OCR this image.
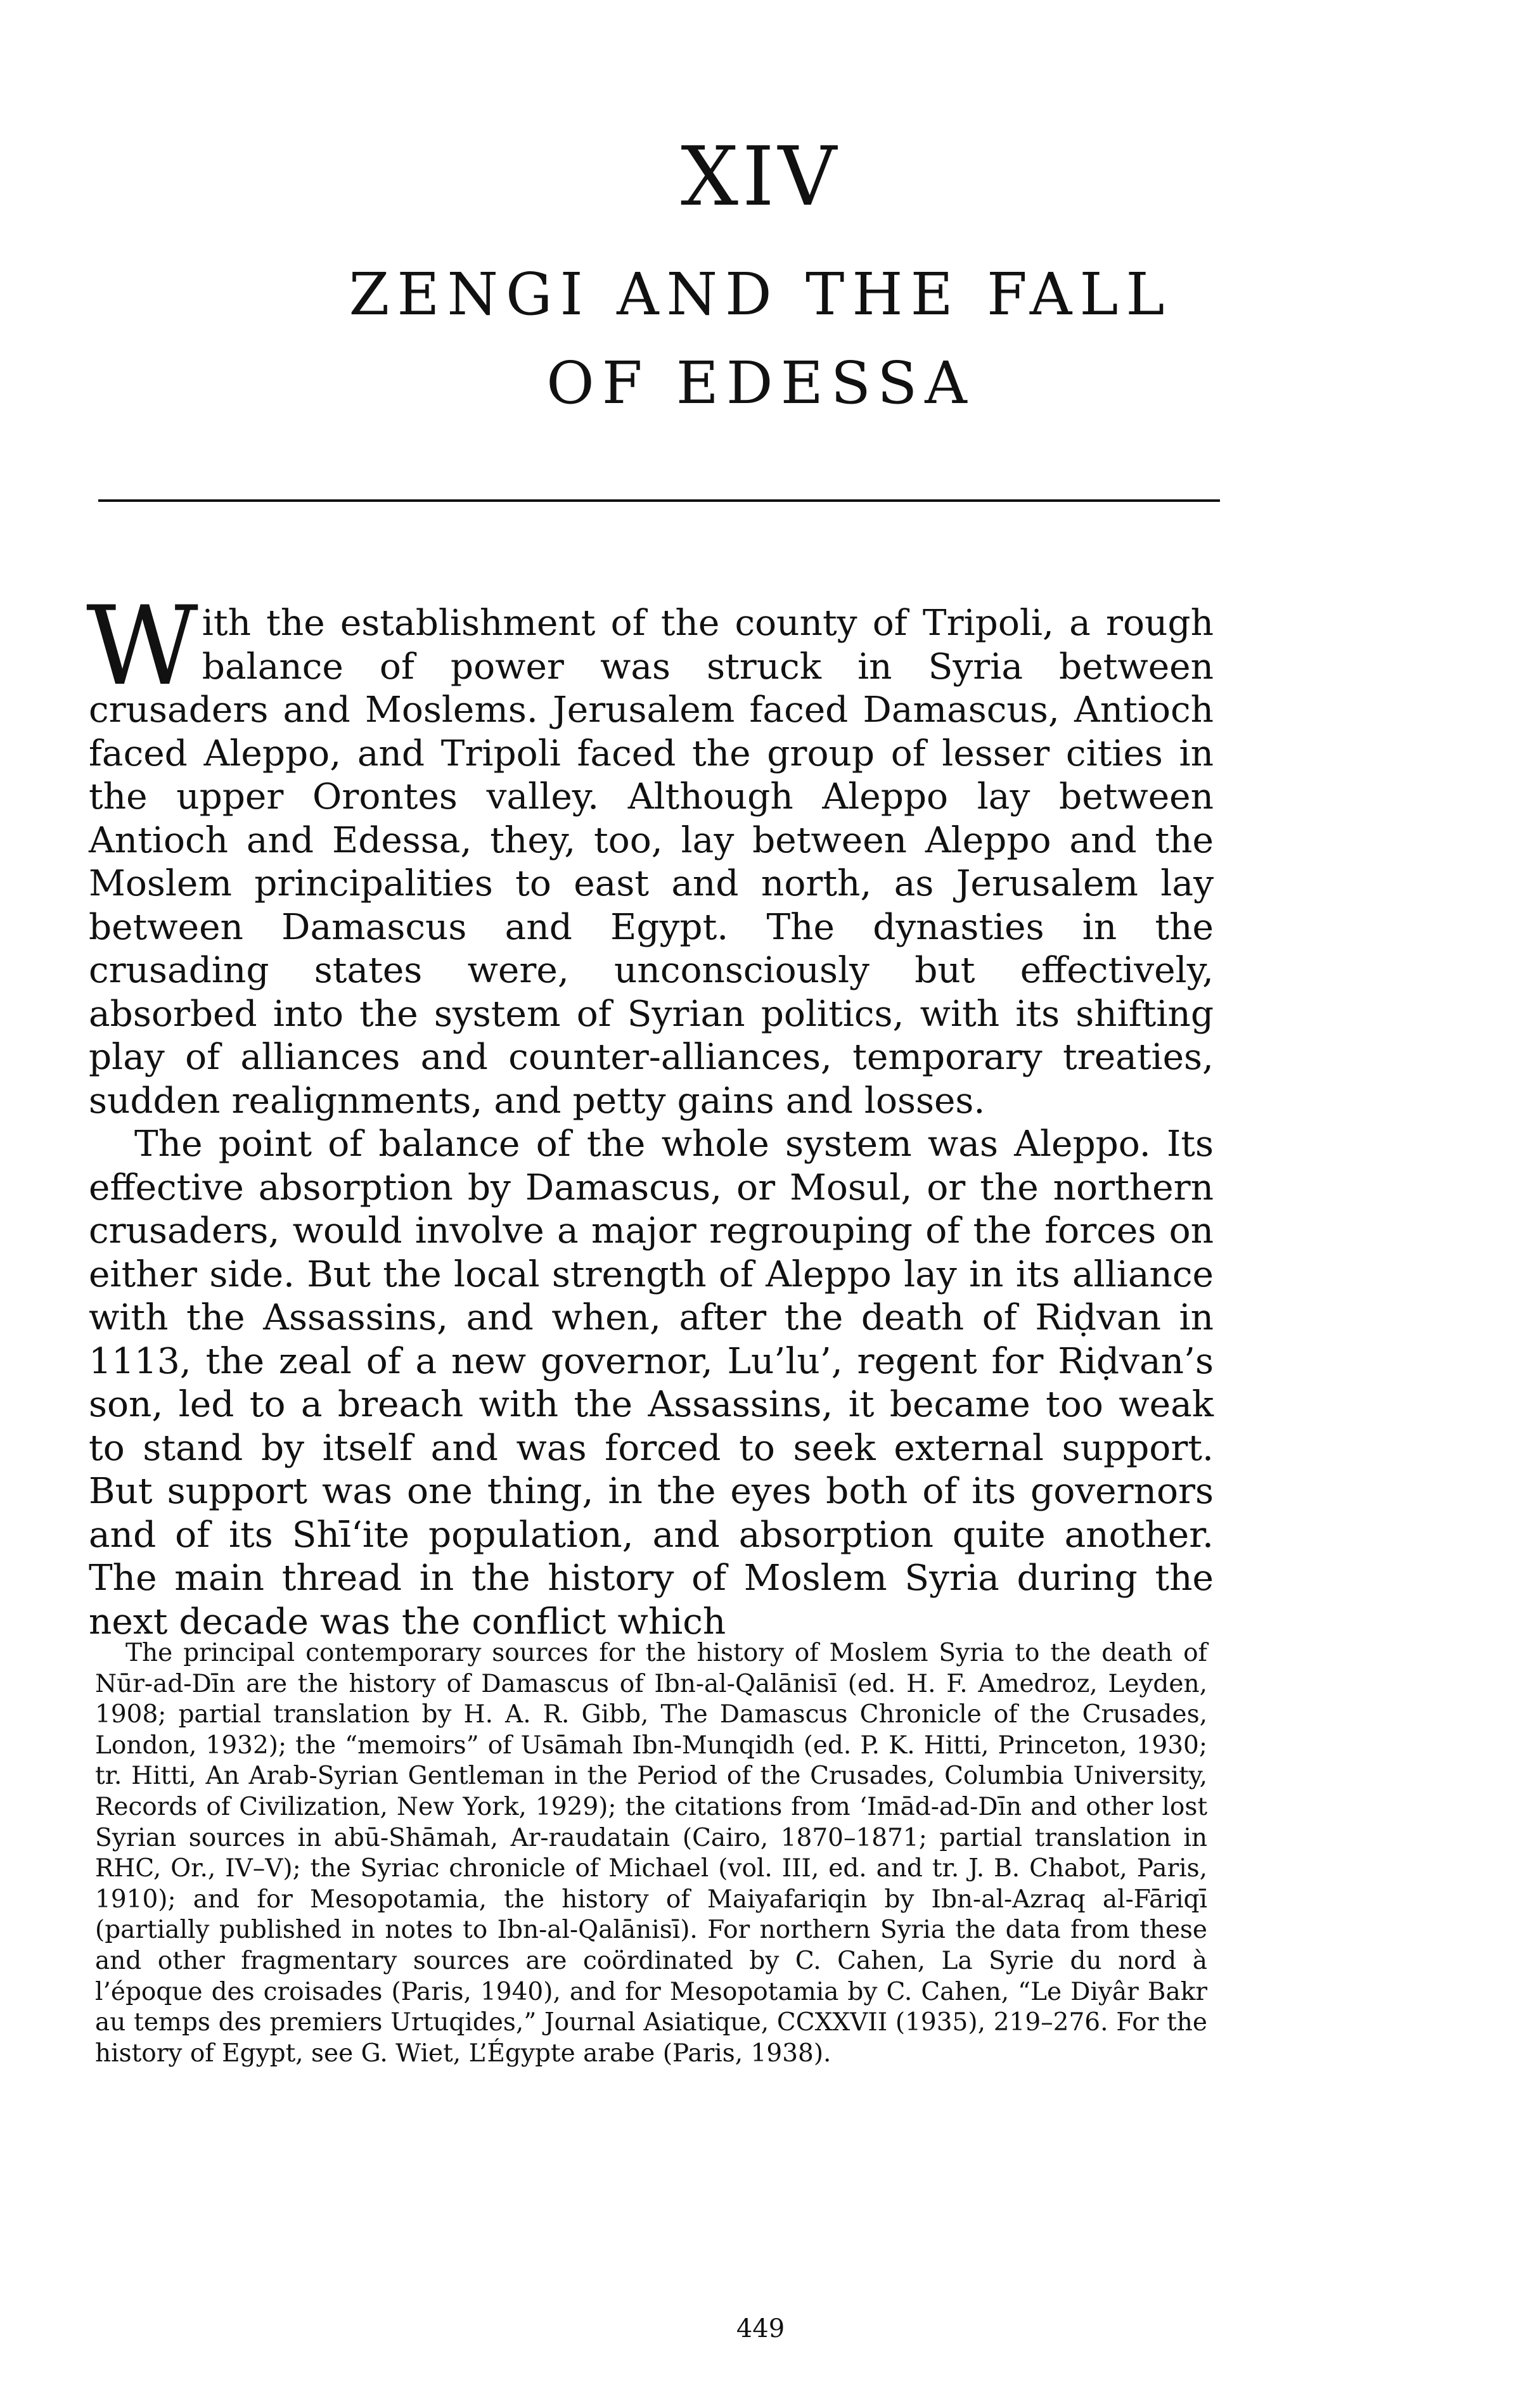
XIV
ZENGI AND THE FALL
OF EDESSA

With the establishment of the county of Tripoli, a rough balance of power was struck in Syria between crusaders and Moslems. Jerusalem faced Damascus, Antioch faced Aleppo, and Tripoli faced the group of lesser cities in the upper Orontes valley. Although Aleppo lay between Antioch and Edessa, they, too, lay between Aleppo and the Moslem principalities to east and north, as Jerusalem lay between Damascus and Egypt. The dynasties in the crusading states were, unconsciously but effectively, absorbed into the system of Syrian politics, with its shifting play of alliances and counter-alliances, temporary treaties, sudden realignments, and petty gains and losses.

The point of balance of the whole system was Aleppo. Its effective absorption by Damascus, or Mosul, or the northern crusaders, would involve a major regrouping of the forces on either side. But the local strength of Aleppo lay in its alliance with the Assassins, and when, after the death of Riḍvan in 1113, the zeal of a new governor, Lu’lu’, regent for Riḍvan’s son, led to a breach with the Assassins, it became too weak to stand by itself and was forced to seek external support. But support was one thing, in the eyes both of its governors and of its Shī‘ite population, and absorption quite another. The main thread in the history of Moslem Syria during the next decade was the conflict which

The principal contemporary sources for the history of Moslem Syria to the death of Nūr-ad-Dīn are the history of Damascus of Ibn-al-Qalānisī (ed. H. F. Amedroz, Leyden, 1908; partial translation by H. A. R. Gibb, The Damascus Chronicle of the Crusades, London, 1932); the “memoirs” of Usāmah Ibn-Munqidh (ed. P. K. Hitti, Princeton, 1930; tr. Hitti, An Arab-Syrian Gentleman in the Period of the Crusades, Columbia University, Records of Civilization, New York, 1929); the citations from ‘Imād-ad-Dīn and other lost Syrian sources in abū-Shāmah, Ar-raudatain (Cairo, 1870–1871; partial translation in RHC, Or., IV–V); the Syriac chronicle of Michael (vol. III, ed. and tr. J. B. Chabot, Paris, 1910); and for Mesopotamia, the history of Maiyafariqin by Ibn-al-Azraq al-Fāriqī (partially published in notes to Ibn-al-Qalānisī). For northern Syria the data from these and other fragmentary sources are coördinated by C. Cahen, La Syrie du nord à l’époque des croisades (Paris, 1940), and for Mesopotamia by C. Cahen, “Le Diyâr Bakr au temps des premiers Urtuqides,” Journal Asiatique, CCXXVII (1935), 219–276. For the history of Egypt, see G. Wiet, L’Égypte arabe (Paris, 1938).

449
